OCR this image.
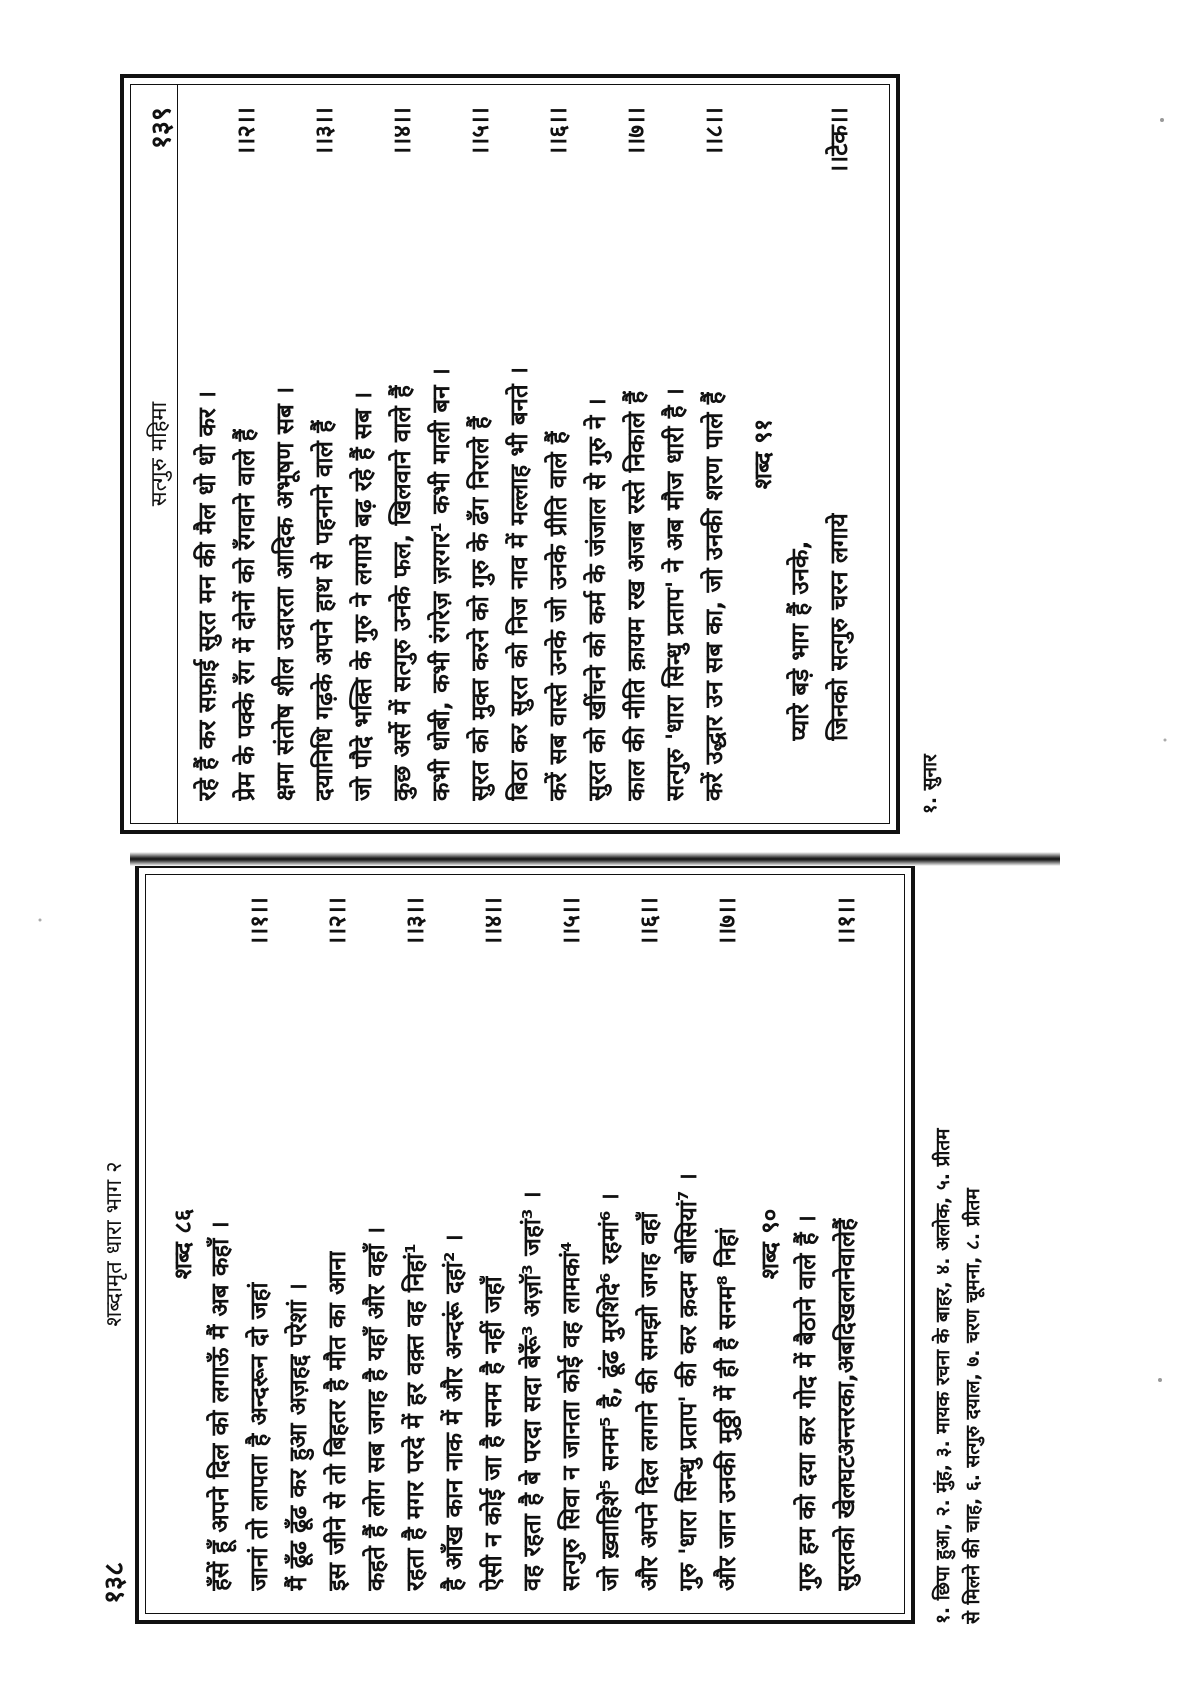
१३८
शब्दामृत धारा भाग २ शब्द ८६ हँसें हूँ अपने दिल को लगाऊँ मैं अब कहाँ । जानां तो लापता है अन्दरून दो जहां
।।१।।
मैं ढूँढ ढूँढ कर हुआ अज़हद्द परेशां । इस जीने से तो बिहतर है मौत का आना
।।२।।
कहते हैं लोग सब जगह है यहाँ और वहाँ । रहता है मगर परदे में हर वक़्त वह निहां¹
।।३।।
है आँख कान नाक में और अन्दरूं दहां² । ऐसी न कोई जा है सनम है नहीं जहाँ
।।४।।
वह रहता है बे परदा सदा बेरूँ³ अज़ॉ³ जहां³ । सत्गुरु सिवा न जानता कोई वह लामकां⁴
।।५।।
जो ख़्वाहिशे⁵ सनम⁵ है, ढूंढ मुरशिदे⁶ रहमां⁶ । और अपने दिल लगाने की समझो जगह वहाँ
।।६।।
गुरु 'धारा सिन्धु प्रताप' की कर क़दम बोसियां⁷ । और जान उनकी मुठ्ठी में ही है सनम⁸ निहां
।।७।।
शब्द ९० गुरु हम को दया कर गोद में बैठाने वाले हैं । सुरतको खेलघटअन्तरका,अबदिखलानेवालेहैं
।।१।।
१. छिपा हुआ, २. मुंह, ३. मायक रचना के बाहर, ४. अलोक, ५. प्रीतम से मिलने की चाह, ६. सत्गुरु दयाल, ७. चरण चूमना, ८. प्रीतम
१३९
सत्गुरु महिमा रहे हैं कर सफ़ाई सुरत मन की मैल धो धो कर । प्रेम के पक्के रँग में दोनों को रँगवाने वाले हैं
।।२।।
क्षमा संतोष शील उदारता आदिक अभूषण सब । दयानिधि गढ़के अपने हाथ से पहनाने वाले हैं
।।३।।
जो पौदे भक्ति के गुरु ने लगाये बढ़ रहे हैं सब । कुछ अर्से में सत्गुरु उनके फल, खिलवाने वाले हैं
।।४।।
कभी धोबी, कभी रंगरेज़ ज़रगर¹ कभी माली बन । सुरत को मुक्त करने को गुरु के ढँग निराले हैं
।।५।।
बिठा कर सुरत को निज नाव में मल्लाह भी बनते । करें सब वास्ते उनके जो उनके प्रीति वाले हैं
।।६।।
सुरत को खींचने को कर्म के जंजाल से गुरु ने । काल की नीति क़ायम रख अजब रस्ते निकाले हैं
।।७।।
सत्गुरु 'धारा सिन्धु प्रताप' ने अब मौज धारी है । करें उद्धार उन सब का, जो उनकी शरण पाले हैं
।।८।।
शब्द ९१
प्यारे बड़े भाग हैं उनके, जिनको सत्गुरु चरन लगाये
।।टेक।।
१. सुनार
